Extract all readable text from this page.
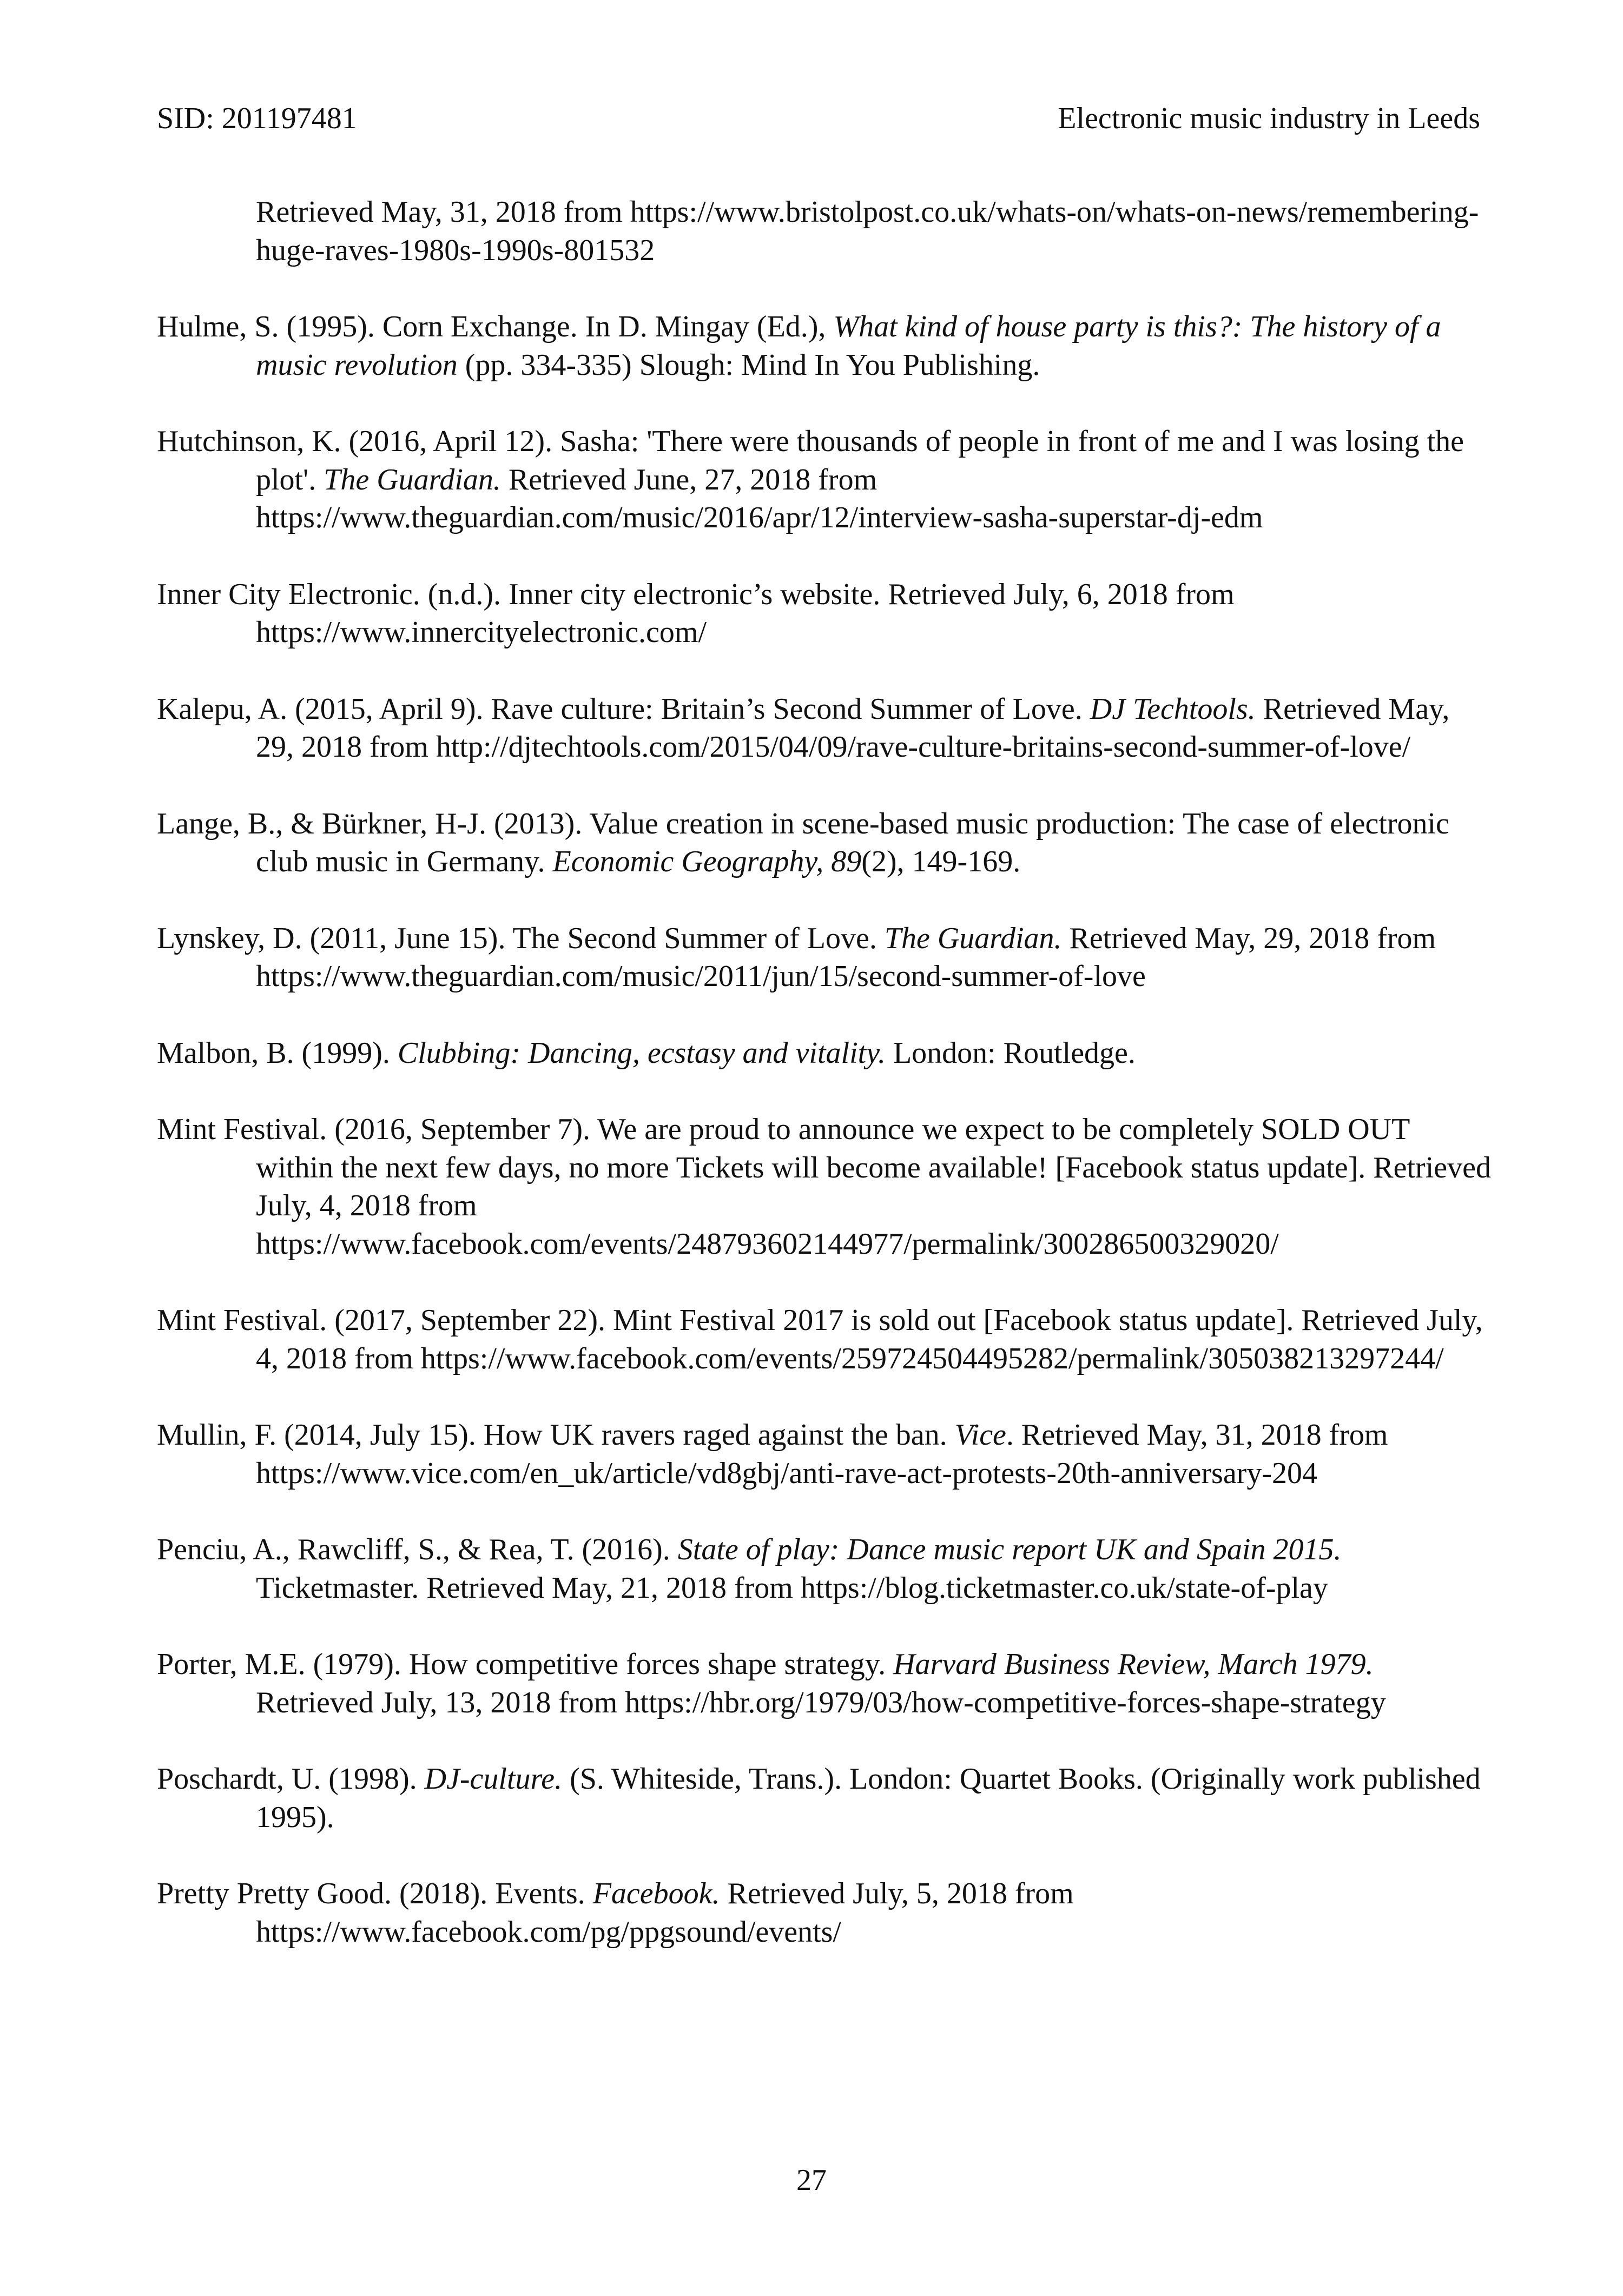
SID: 201197481	Electronic music industry in Leeds

Retrieved May, 31, 2018 from https://www.bristolpost.co.uk/whats-on/whats-on-news/remembering-huge-raves-1980s-1990s-801532

Hulme, S. (1995). Corn Exchange. In D. Mingay (Ed.), What kind of house party is this?: The history of a music revolution (pp. 334-335) Slough: Mind In You Publishing.

Hutchinson, K. (2016, April 12). Sasha: 'There were thousands of people in front of me and I was losing the plot'. The Guardian. Retrieved June, 27, 2018 from https://www.theguardian.com/music/2016/apr/12/interview-sasha-superstar-dj-edm

Inner City Electronic. (n.d.). Inner city electronic’s website. Retrieved July, 6, 2018 from https://www.innercityelectronic.com/

Kalepu, A. (2015, April 9). Rave culture: Britain’s Second Summer of Love. DJ Techtools. Retrieved May, 29, 2018 from http://djtechtools.com/2015/04/09/rave-culture-britains-second-summer-of-love/

Lange, B., & Bürkner, H-J. (2013). Value creation in scene-based music production: The case of electronic club music in Germany. Economic Geography, 89(2), 149-169.

Lynskey, D. (2011, June 15). The Second Summer of Love. The Guardian. Retrieved May, 29, 2018 from https://www.theguardian.com/music/2011/jun/15/second-summer-of-love

Malbon, B. (1999). Clubbing: Dancing, ecstasy and vitality. London: Routledge.

Mint Festival. (2016, September 7). We are proud to announce we expect to be completely SOLD OUT within the next few days, no more Tickets will become available! [Facebook status update]. Retrieved July, 4, 2018 from https://www.facebook.com/events/248793602144977/permalink/300286500329020/

Mint Festival. (2017, September 22). Mint Festival 2017 is sold out [Facebook status update]. Retrieved July, 4, 2018 from https://www.facebook.com/events/259724504495282/permalink/305038213297244/

Mullin, F. (2014, July 15). How UK ravers raged against the ban. Vice. Retrieved May, 31, 2018 from https://www.vice.com/en_uk/article/vd8gbj/anti-rave-act-protests-20th-anniversary-204

Penciu, A., Rawcliff, S., & Rea, T. (2016). State of play: Dance music report UK and Spain 2015. Ticketmaster. Retrieved May, 21, 2018 from https://blog.ticketmaster.co.uk/state-of-play

Porter, M.E. (1979). How competitive forces shape strategy. Harvard Business Review, March 1979. Retrieved July, 13, 2018 from https://hbr.org/1979/03/how-competitive-forces-shape-strategy

Poschardt, U. (1998). DJ-culture. (S. Whiteside, Trans.). London: Quartet Books. (Originally work published 1995).

Pretty Pretty Good. (2018). Events. Facebook. Retrieved July, 5, 2018 from https://www.facebook.com/pg/ppgsound/events/

27
